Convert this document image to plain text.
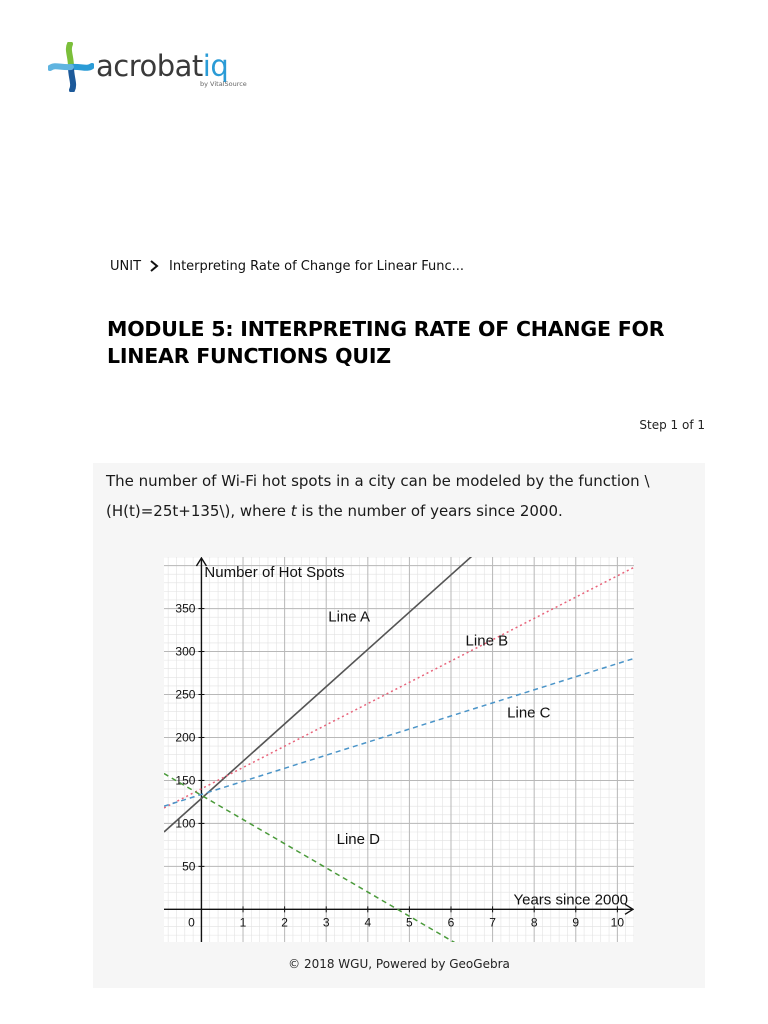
acrobatiq
by VitalSource
UNIT Interpreting Rate of Change for Linear Func...
MODULE 5: INTERPRETING RATE OF CHANGE FOR LINEAR FUNCTIONS QUIZ
Step 1 of 1

The number of Wi-Fi hot spots in a city can be modeled by the function \(H(t)=25t+135\), where t is the number of years since 2000.

0	1	2	3	4	5	6	7	8	9	10
50
100
150
200
250
300
350
Number of Hot Spots
Years since 2000
Line A
Line B
Line C
Line D
© 2018 WGU, Powered by GeoGebra
